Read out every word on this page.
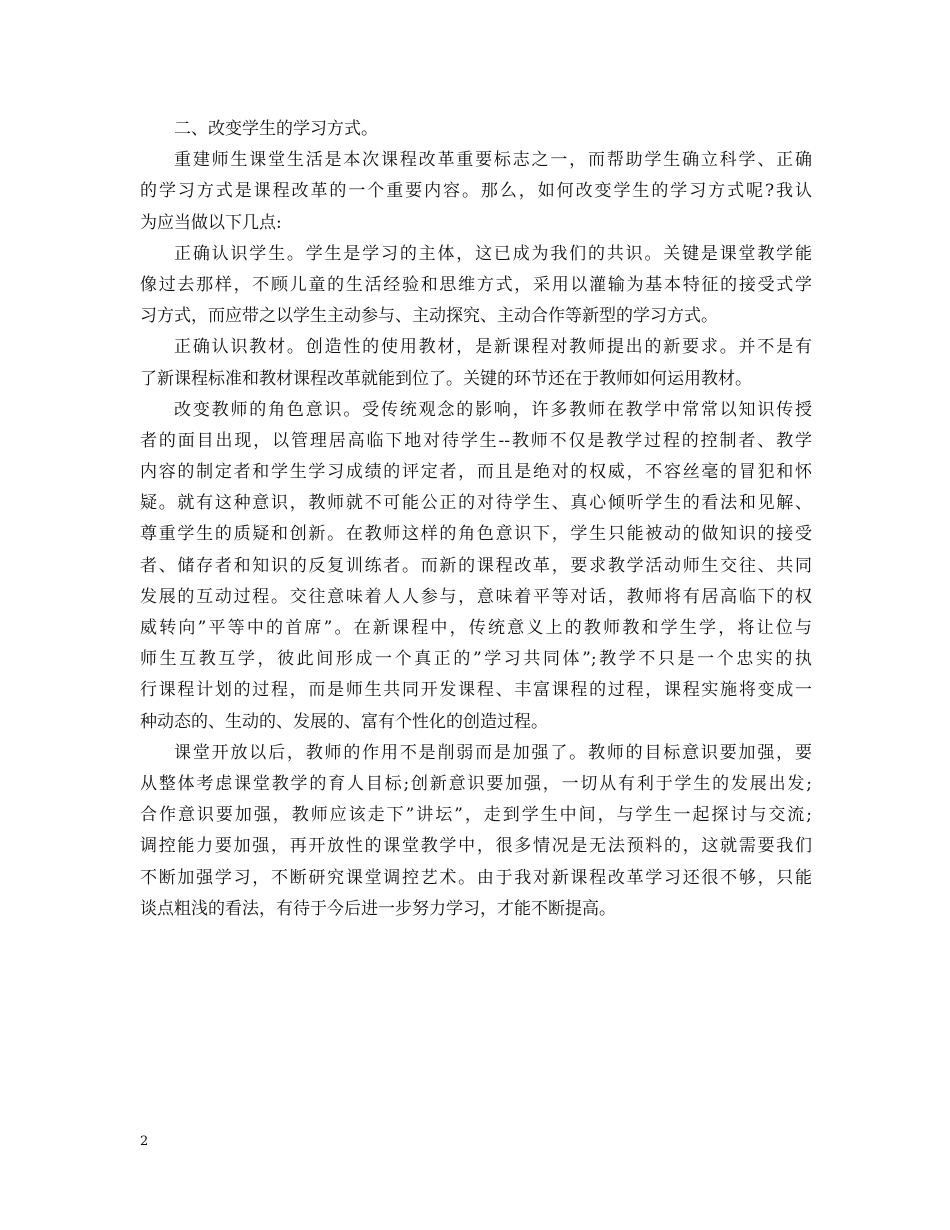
二、改变学生的学习方式。
重建师生课堂生活是本次课程改革重要标志之一，而帮助学生确立科学、正确
的学习方式是课程改革的一个重要内容。那么，如何改变学生的学习方式呢?我认
为应当做以下几点:
正确认识学生。学生是学习的主体，这已成为我们的共识。关键是课堂教学能
像过去那样，不顾儿童的生活经验和思维方式，采用以灌输为基本特征的接受式学
习方式，而应带之以学生主动参与、主动探究、主动合作等新型的学习方式。
正确认识教材。创造性的使用教材，是新课程对教师提出的新要求。并不是有
了新课程标准和教材课程改革就能到位了。关键的环节还在于教师如何运用教材。
改变教师的角色意识。受传统观念的影响，许多教师在教学中常常以知识传授
者的面目出现，以管理居高临下地对待学生--教师不仅是教学过程的控制者、教学
内容的制定者和学生学习成绩的评定者，而且是绝对的权威，不容丝毫的冒犯和怀
疑。就有这种意识，教师就不可能公正的对待学生、真心倾听学生的看法和见解、
尊重学生的质疑和创新。在教师这样的角色意识下，学生只能被动的做知识的接受
者、储存者和知识的反复训练者。而新的课程改革，要求教学活动师生交往、共同
发展的互动过程。交往意味着人人参与，意味着平等对话，教师将有居高临下的权
威转向”平等中的首席”。在新课程中，传统意义上的教师教和学生学，将让位与
师生互教互学，彼此间形成一个真正的”学习共同体”;教学不只是一个忠实的执
行课程计划的过程，而是师生共同开发课程、丰富课程的过程，课程实施将变成一
种动态的、生动的、发展的、富有个性化的创造过程。
课堂开放以后，教师的作用不是削弱而是加强了。教师的目标意识要加强，要
从整体考虑课堂教学的育人目标;创新意识要加强，一切从有利于学生的发展出发;
合作意识要加强，教师应该走下”讲坛”，走到学生中间，与学生一起探讨与交流;
调控能力要加强，再开放性的课堂教学中，很多情况是无法预料的，这就需要我们
不断加强学习，不断研究课堂调控艺术。由于我对新课程改革学习还很不够，只能
谈点粗浅的看法，有待于今后进一步努力学习，才能不断提高。
2
